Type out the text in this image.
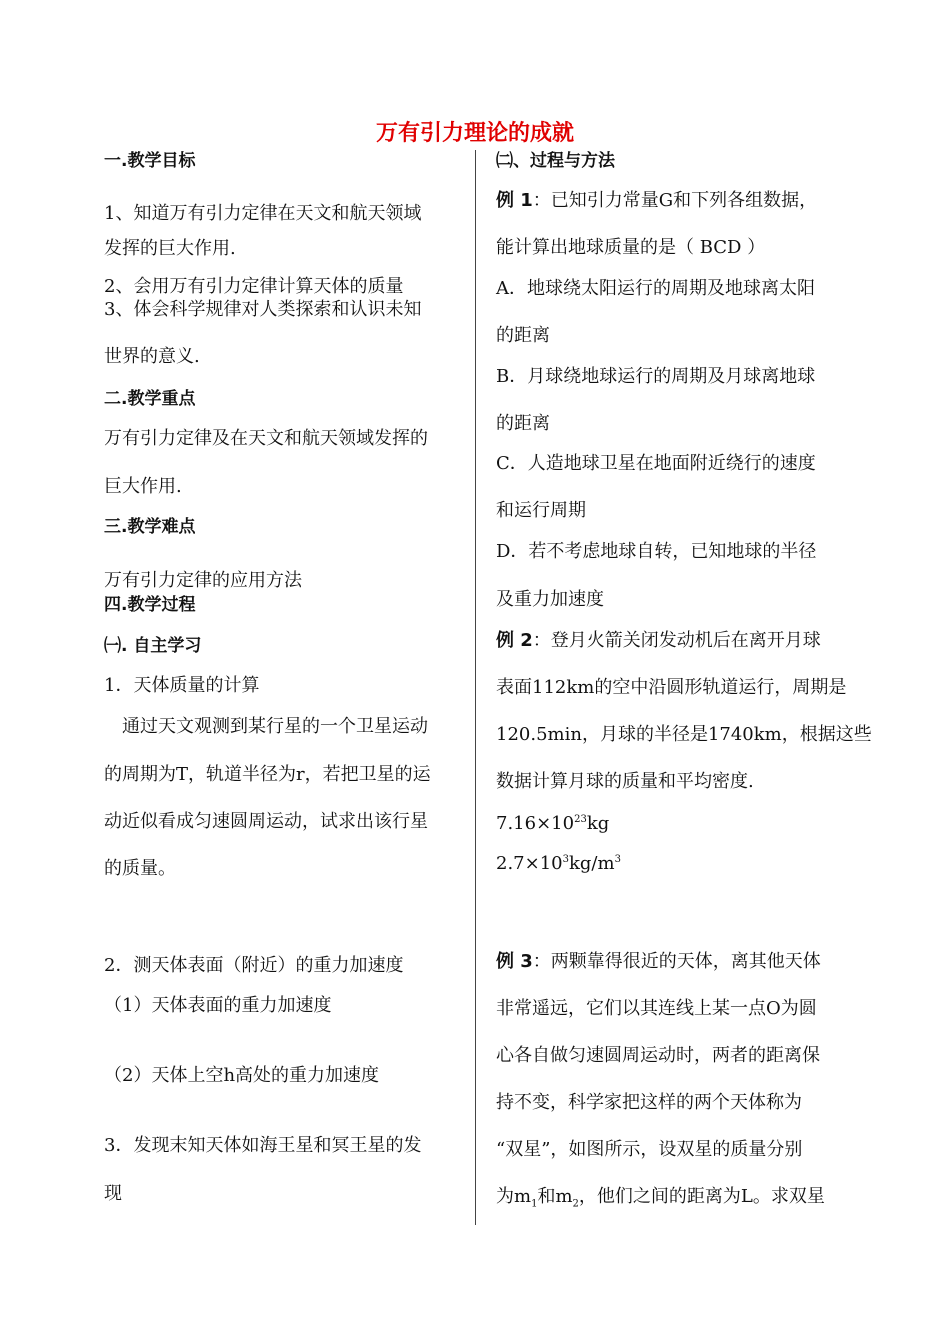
万有引力理论的成就
一.教学目标
1、知道万有引力定律在天文和航天领域
发挥的巨大作用.
2、会用万有引力定律计算天体的质量
3、体会科学规律对人类探索和认识未知
世界的意义.
二.教学重点
万有引力定律及在天文和航天领域发挥的
巨大作用.
三.教学难点
万有引力定律的应用方法
四.教学过程
㈠. 自主学习
1．天体质量的计算
通过天文观测到某行星的一个卫星运动
的周期为T，轨道半径为r，若把卫星的运
动近似看成匀速圆周运动，试求出该行星
的质量。
2．测天体表面（附近）的重力加速度
（1）天体表面的重力加速度
（2）天体上空h高处的重力加速度
3．发现末知天体如海王星和冥王星的发
现
㈡、过程与方法
例 1：已知引力常量G和下列各组数据，
能计算出地球质量的是（ BCD ）
A．地球绕太阳运行的周期及地球离太阳
的距离
B．月球绕地球运行的周期及月球离地球
的距离
C．人造地球卫星在地面附近绕行的速度
和运行周期
D．若不考虑地球自转，已知地球的半径
及重力加速度
例 2：登月火箭关闭发动机后在离开月球
表面112km的空中沿圆形轨道运行，周期是
120.5min，月球的半径是1740km，根据这些
数据计算月球的质量和平均密度.
$7.16\times 10^{23}kg$
$2.7\times 10^3kg/m^3$
例 3：两颗靠得很近的天体，离其他天体
非常遥远，它们以其连线上某一点O为圆
心各自做匀速圆周运动时，两者的距离保
持不变，科学家把这样的两个天体称为
“双星”，如图所示，设双星的质量分别
为$m_1$和$m_2$，他们之间的距离为L。求双星
